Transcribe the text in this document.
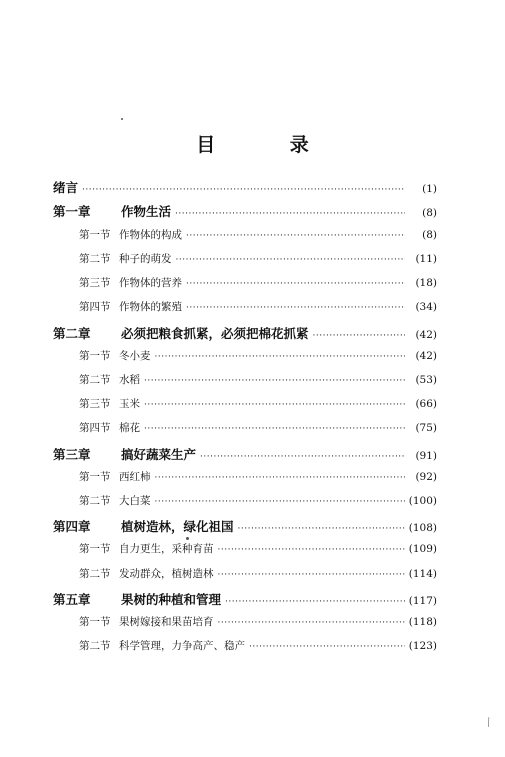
目 录
绪言 ·····	(1)
第一章	作物生活 ·····	(8)
第一节 作物体的构成 ·····	(8)
第二节 种子的萌发 ·····	(11)
第三节 作物体的营养 ·····	(18)
第四节 作物体的繁殖 ·····	(34)
第二章	必须把粮食抓紧，必须把棉花抓紧 ·····	(42)
第一节 冬小麦 ·····	(42)
第二节 水稻 ·····	(53)
第三节 玉米 ·····	(66)
第四节 棉花 ·····	(75)
第三章	搞好蔬菜生产 ·····	(91)
第一节 西红柿 ·····	(92)
第二节 大白菜 ·····	(100)
第四章	植树造林，绿化祖国 ·····	(108)
第一节 自力更生，采种育苗 ·····	(109)
第二节 发动群众，植树造林 ·····	(114)
第五章	果树的种植和管理 ·····	(117)
第一节 果树嫁接和果苗培育 ·····	(118)
第二节 科学管理，力争高产、稳产 ·····	(123)
⁄
